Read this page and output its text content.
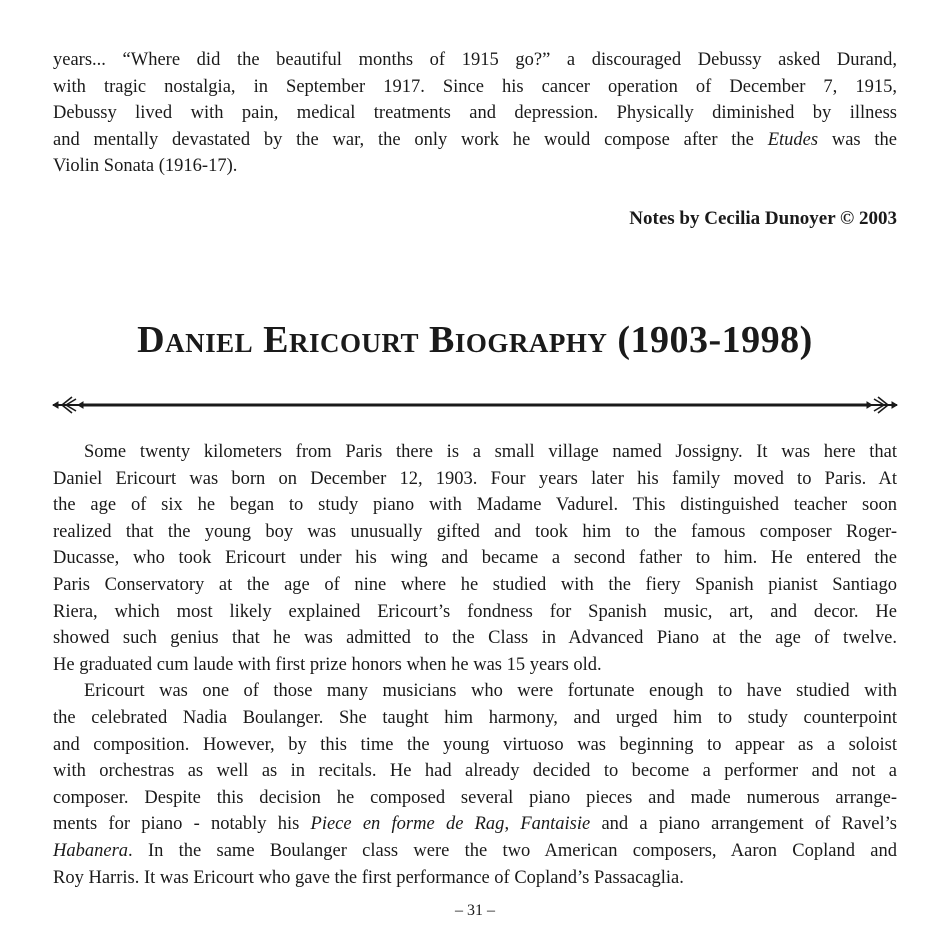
years... “Where did the beautiful months of 1915 go?” a discouraged Debussy asked Durand,
with tragic nostalgia, in September 1917. Since his cancer operation of December 7, 1915,
Debussy lived with pain, medical treatments and depression. Physically diminished by illness
and mentally devastated by the war, the only work he would compose after the Etudes was the
Violin Sonata (1916-17).
Notes by Cecilia Dunoyer © 2003
Daniel Ericourt Biography (1903-1998)
Some twenty kilometers from Paris there is a small village named Jossigny. It was here that
Daniel Ericourt was born on December 12, 1903. Four years later his family moved to Paris. At
the age of six he began to study piano with Madame Vadurel. This distinguished teacher soon
realized that the young boy was unusually gifted and took him to the famous composer Roger-
Ducasse, who took Ericourt under his wing and became a second father to him. He entered the
Paris Conservatory at the age of nine where he studied with the fiery Spanish pianist Santiago
Riera, which most likely explained Ericourt’s fondness for Spanish music, art, and decor. He
showed such genius that he was admitted to the Class in Advanced Piano at the age of twelve.
He graduated cum laude with first prize honors when he was 15 years old.
Ericourt was one of those many musicians who were fortunate enough to have studied with
the celebrated Nadia Boulanger. She taught him harmony, and urged him to study counterpoint
and composition. However, by this time the young virtuoso was beginning to appear as a soloist
with orchestras as well as in recitals. He had already decided to become a performer and not a
composer. Despite this decision he composed several piano pieces and made numerous arrange-
ments for piano - notably his Piece en forme de Rag, Fantaisie and a piano arrangement of Ravel’s
Habanera. In the same Boulanger class were the two American composers, Aaron Copland and
Roy Harris. It was Ericourt who gave the first performance of Copland’s Passacaglia.
– 31 –
